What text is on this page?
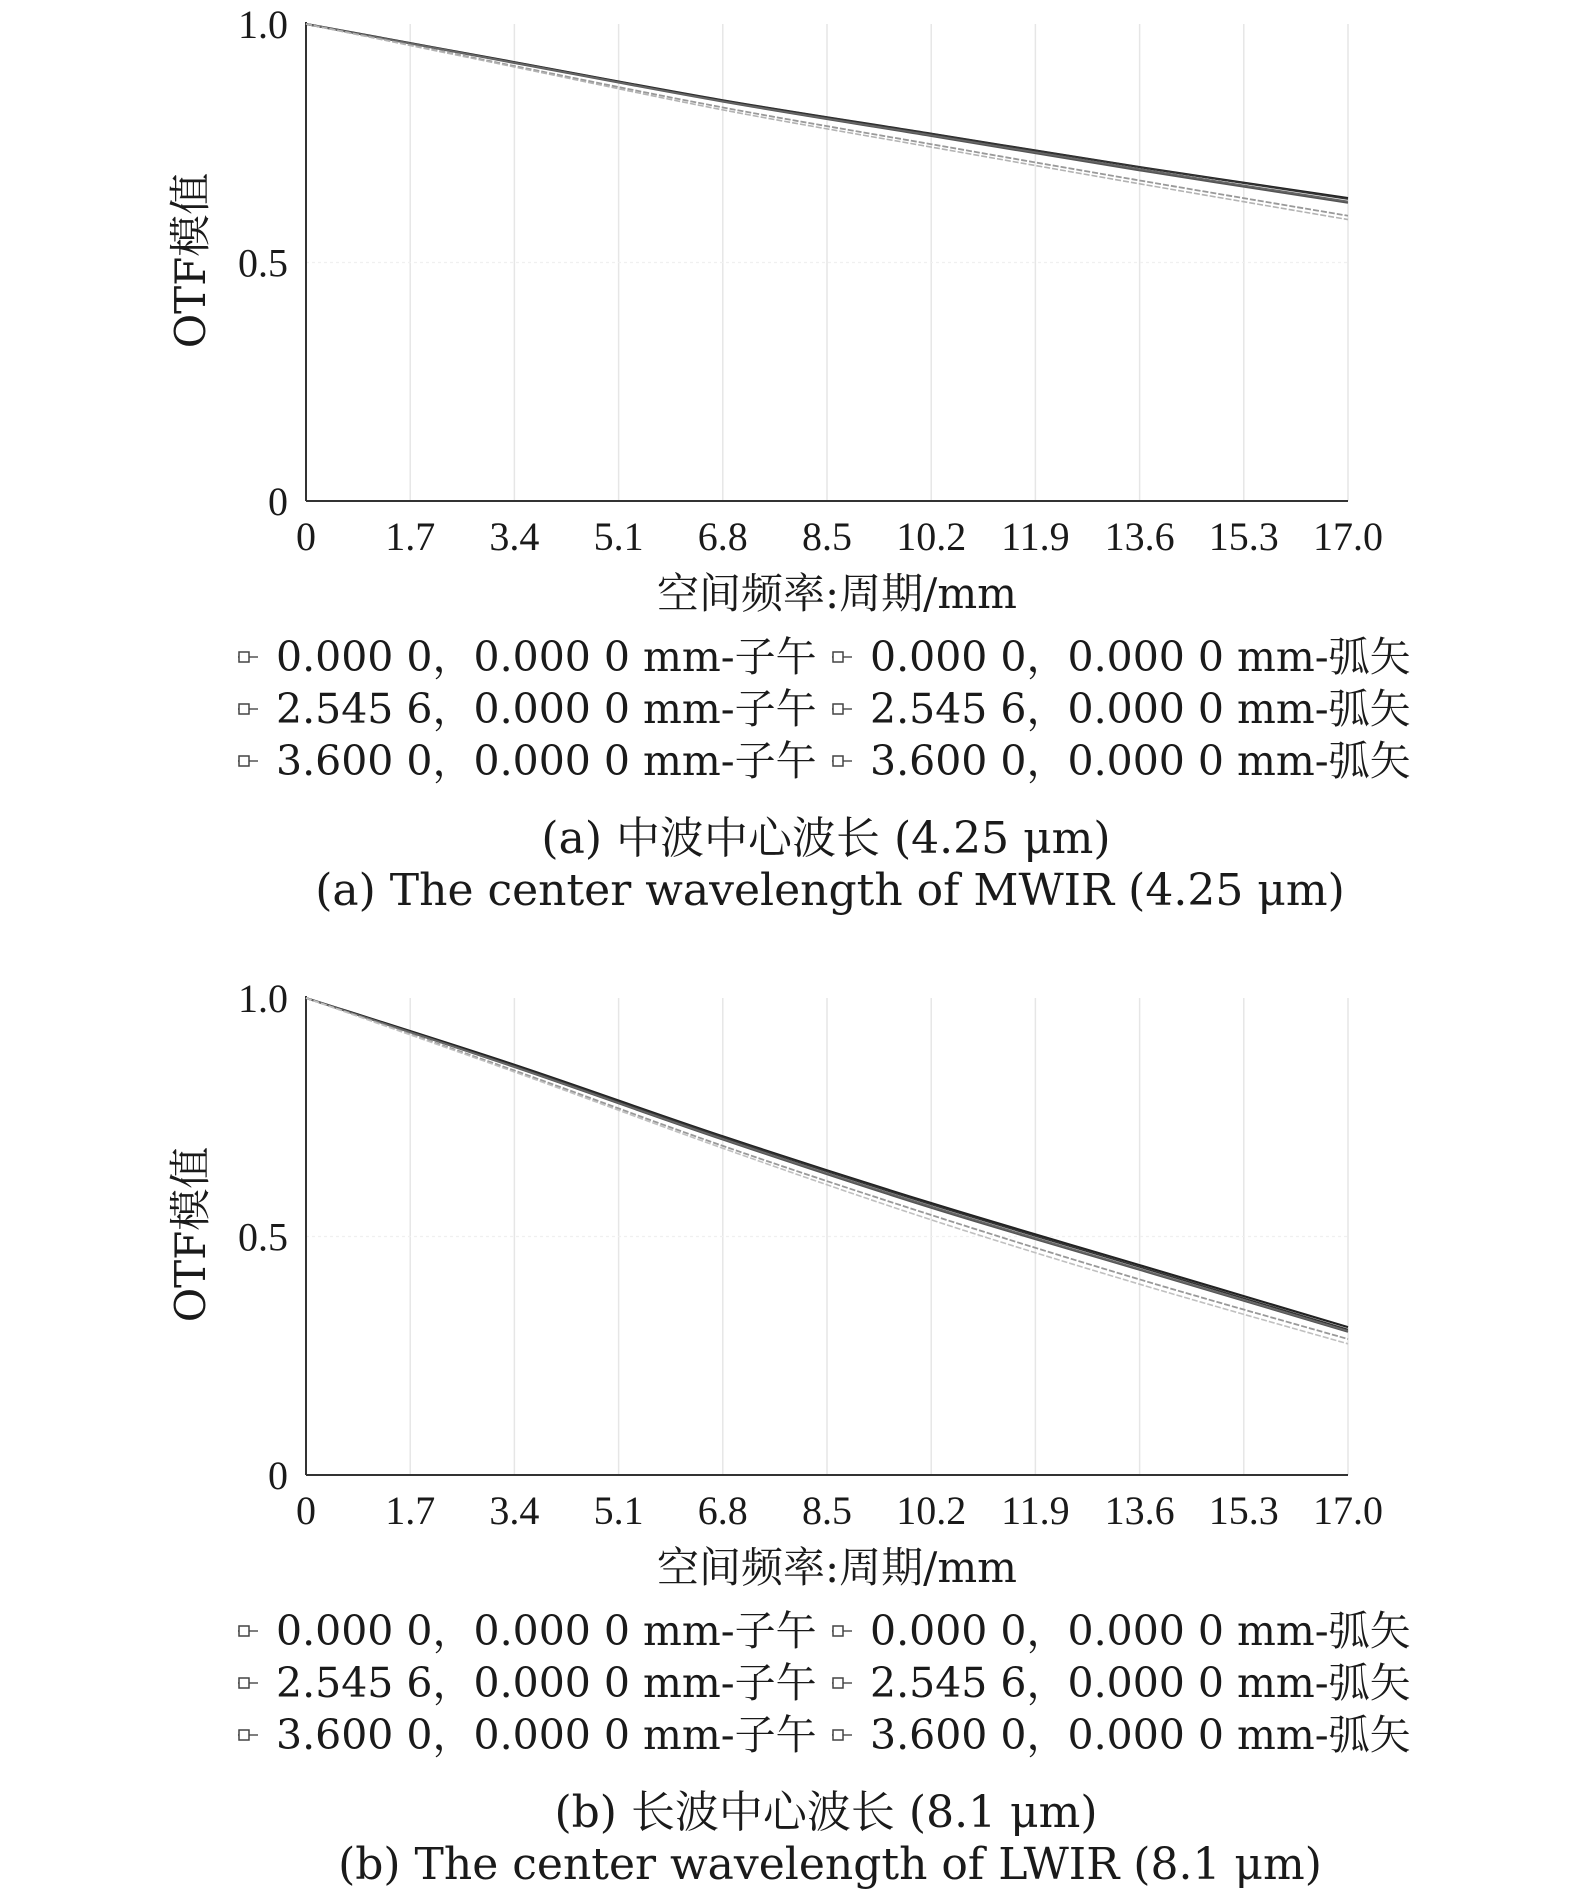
0 1.7 3.4 5.1 6.8 8.5 10.2 11.9 13.6 15.3 17.0
0
0.5
1.0
空间频率:周期/mm
OTF模值
0.000 0，0.000 0 mm-子午 0.000 0，0.000 0 mm-弧矢
2.545 6，0.000 0 mm-子午 2.545 6，0.000 0 mm-弧矢
3.600 0，0.000 0 mm-子午 3.600 0，0.000 0 mm-弧矢
(a) 中波中心波长 (4.25 μm)
(a) The center wavelength of MWIR (4.25 μm)
0 1.7 3.4 5.1 6.8 8.5 10.2 11.9 13.6 15.3 17.0
0
0.5
1.0
空间频率:周期/mm
OTF模值
0.000 0，0.000 0 mm-子午 0.000 0，0.000 0 mm-弧矢
2.545 6，0.000 0 mm-子午 2.545 6，0.000 0 mm-弧矢
3.600 0，0.000 0 mm-子午 3.600 0，0.000 0 mm-弧矢
(b) 长波中心波长 (8.1 μm)
(b) The center wavelength of LWIR (8.1 μm)
